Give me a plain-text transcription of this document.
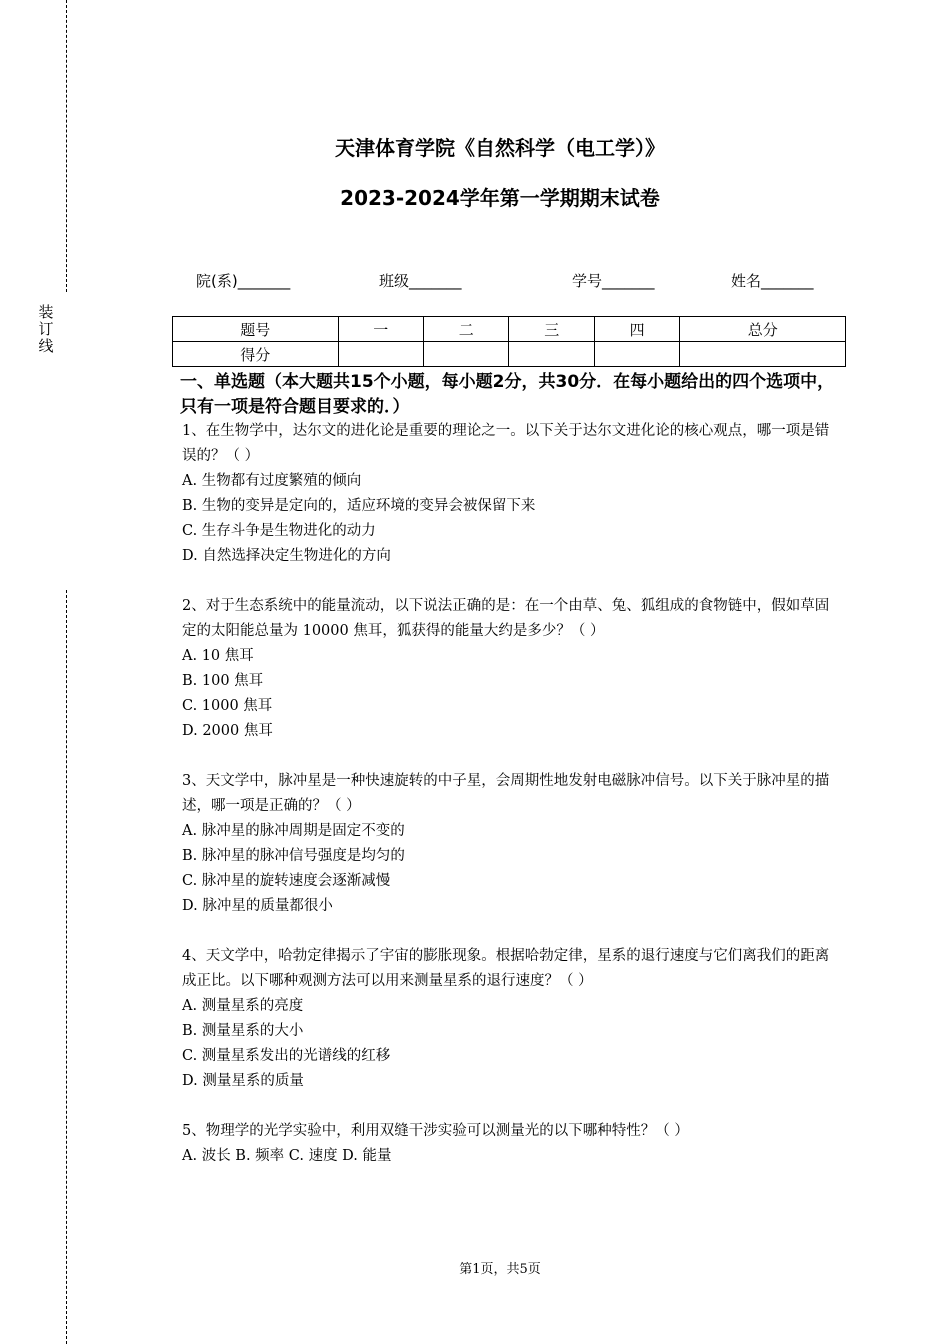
装订线
天津体育学院《自然科学（电工学）》
2023-2024学年第一学期期末试卷
院(系)_______	班级_______	学号_______	姓名_______
题号	一	二	三	四	总分
得分					
一、单选题（本大题共15个小题，每小题2分，共30分．在每小题给出的四个选项中，只有一项是符合题目要求的．）

1、在生物学中，达尔文的进化论是重要的理论之一。以下关于达尔文进化论的核心观点，哪一项是错误的？（ ）

A. 生物都有过度繁殖的倾向

B. 生物的变异是定向的，适应环境的变异会被保留下来

C. 生存斗争是生物进化的动力

D. 自然选择决定生物进化的方向

2、对于生态系统中的能量流动，以下说法正确的是：在一个由草、兔、狐组成的食物链中，假如草固定的太阳能总量为 10000 焦耳，狐获得的能量大约是多少？（ ）

A. 10 焦耳

B. 100 焦耳

C. 1000 焦耳

D. 2000 焦耳

3、天文学中，脉冲星是一种快速旋转的中子星，会周期性地发射电磁脉冲信号。以下关于脉冲星的描述，哪一项是正确的？（ ）

A. 脉冲星的脉冲周期是固定不变的

B. 脉冲星的脉冲信号强度是均匀的

C. 脉冲星的旋转速度会逐渐减慢

D. 脉冲星的质量都很小

4、天文学中，哈勃定律揭示了宇宙的膨胀现象。根据哈勃定律，星系的退行速度与它们离我们的距离成正比。以下哪种观测方法可以用来测量星系的退行速度？（ ）

A. 测量星系的亮度

B. 测量星系的大小

C. 测量星系发出的光谱线的红移

D. 测量星系的质量

5、物理学的光学实验中，利用双缝干涉实验可以测量光的以下哪种特性？（ ）

A. 波长 B. 频率 C. 速度 D. 能量

第1页，共5页
